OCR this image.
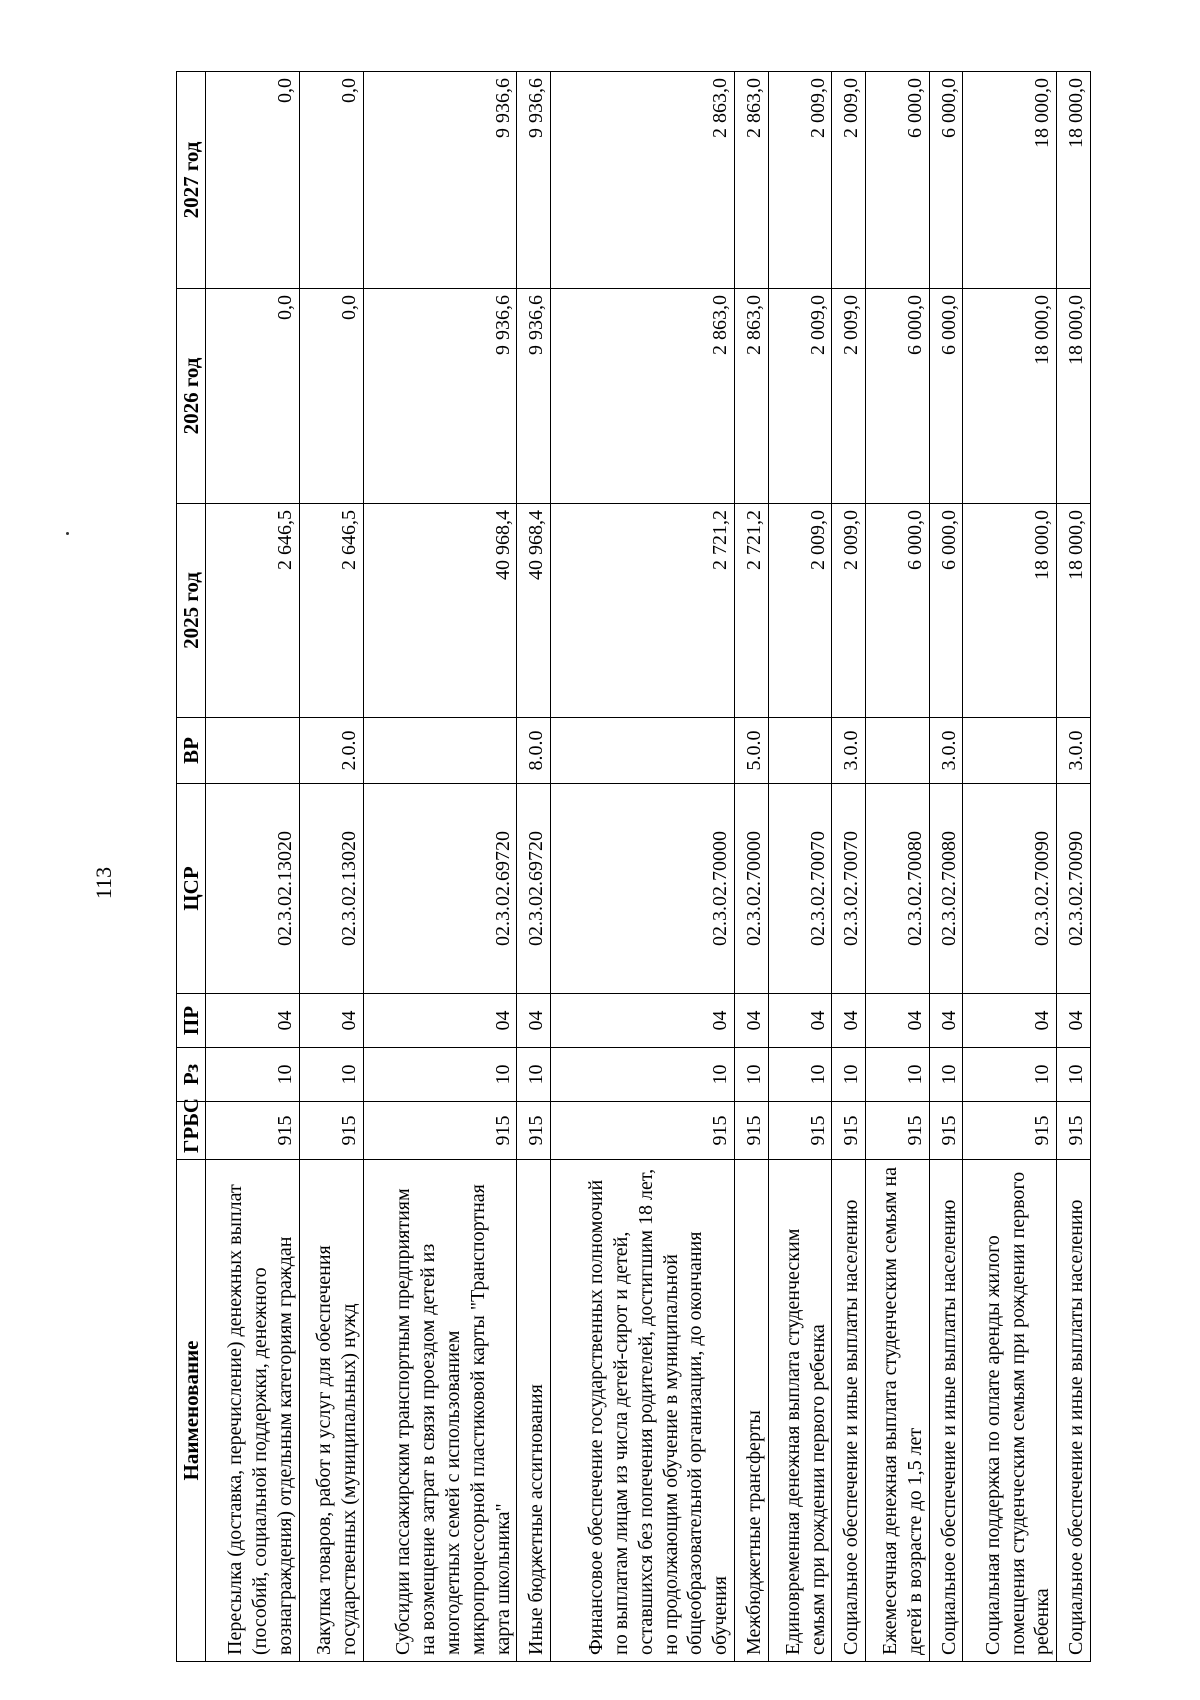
113
Наименование	ГРБС	Рз	ПР	ЦСР	ВР	2025 год	2026 год	2027 год
Пересылка (доставка, перечисление) денежных выплат (пособий, социальной поддержки, денежного вознаграждения) отдельным категориям граждан	915	10	04	02.3.02.13020		2 646,5	0,0	0,0
Закупка товаров, работ и услуг для обеспечения государственных (муниципальных) нужд	915	10	04	02.3.02.13020	2.0.0	2 646,5	0,0	0,0
Субсидии пассажирским транспортным предприятиям на возмещение затрат в связи проездом детей из многодетных семей с использованием микропроцессорной пластиковой карты "Транспортная карта школьника"	915	10	04	02.3.02.69720		40 968,4	9 936,6	9 936,6
Иные бюджетные ассигнования	915	10	04	02.3.02.69720	8.0.0	40 968,4	9 936,6	9 936,6
Финансовое обеспечение государственных полномочий по выплатам лицам из числа детей-сирот и детей, оставшихся без попечения родителей, достигшим 18 лет, но продолжающим обучение в муниципальной общеобразовательной организации, до окончания обучения	915	10	04	02.3.02.70000		2 721,2	2 863,0	2 863,0
Межбюджетные трансферты	915	10	04	02.3.02.70000	5.0.0	2 721,2	2 863,0	2 863,0
Единовременная денежная выплата студенческим семьям при рождении первого ребенка	915	10	04	02.3.02.70070		2 009,0	2 009,0	2 009,0
Социальное обеспечение и иные выплаты населению	915	10	04	02.3.02.70070	3.0.0	2 009,0	2 009,0	2 009,0
Ежемесячная денежная выплата студенческим семьям на детей в возрасте до 1,5 лет	915	10	04	02.3.02.70080		6 000,0	6 000,0	6 000,0
Социальное обеспечение и иные выплаты населению	915	10	04	02.3.02.70080	3.0.0	6 000,0	6 000,0	6 000,0
Социальная поддержка по оплате аренды жилого помещения студенческим семьям при рождении первого ребенка	915	10	04	02.3.02.70090		18 000,0	18 000,0	18 000,0
Социальное обеспечение и иные выплаты населению	915	10	04	02.3.02.70090	3.0.0	18 000,0	18 000,0	18 000,0
